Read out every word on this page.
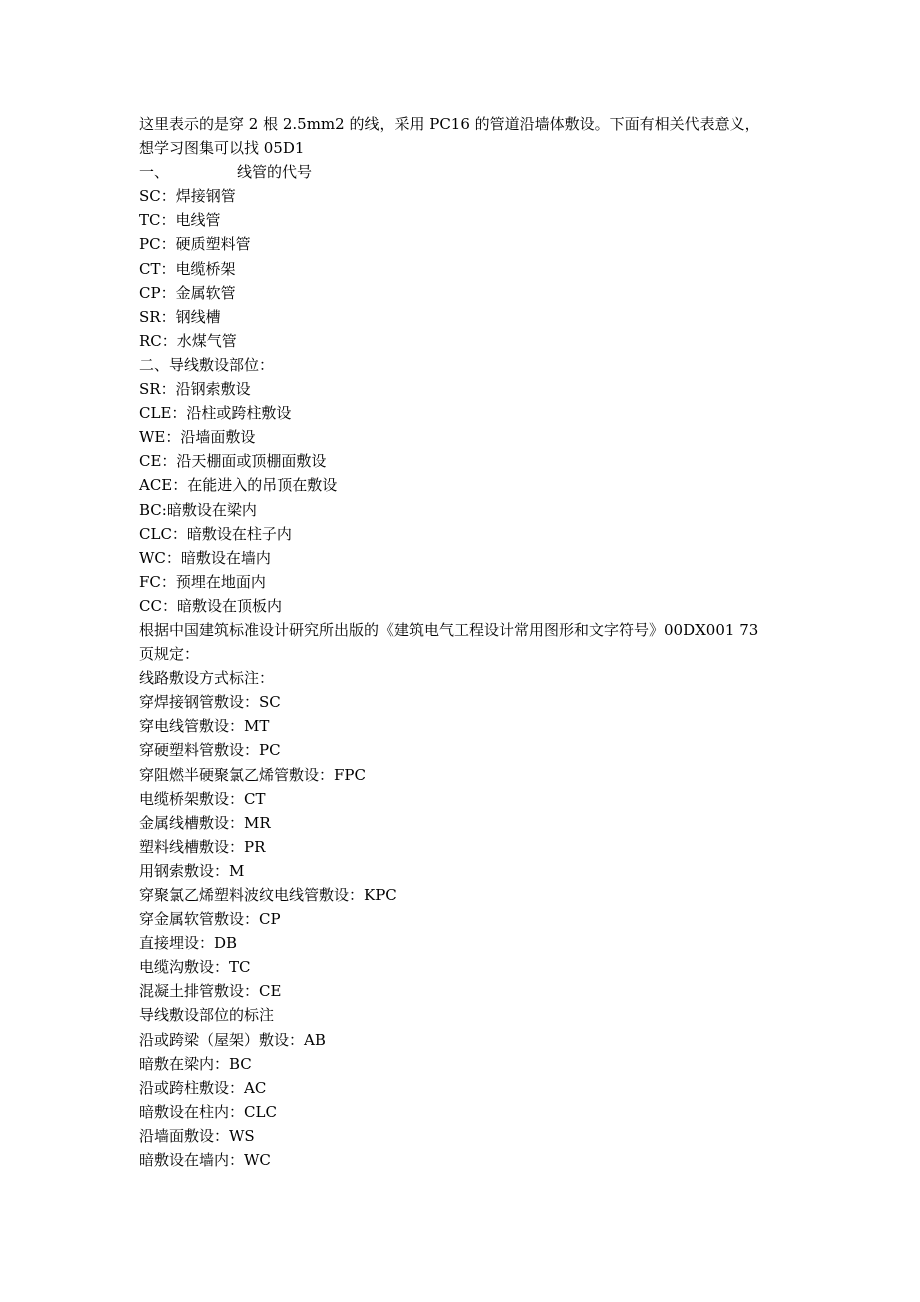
这里表示的是穿 2 根 2.5mm2 的线，采用 PC16 的管道沿墙体敷设。下面有相关代表意义，
想学习图集可以找 05D1
一、	线管的代号
SC：焊接钢管
TC：电线管
PC：硬质塑料管
CT：电缆桥架
CP：金属软管
SR：钢线槽
RC：水煤气管
二、导线敷设部位：
SR：沿钢索敷设
CLE：沿柱或跨柱敷设
WE：沿墙面敷设
CE：沿天棚面或顶棚面敷设
ACE：在能进入的吊顶在敷设
BC:暗敷设在梁内
CLC：暗敷设在柱子内
WC：暗敷设在墙内
FC：预埋在地面内
CC：暗敷设在顶板内
根据中国建筑标准设计研究所出版的《建筑电气工程设计常用图形和文字符号》00DX001 73
页规定：
线路敷设方式标注：
穿焊接钢管敷设：SC
穿电线管敷设：MT
穿硬塑料管敷设：PC
穿阻燃半硬聚氯乙烯管敷设：FPC
电缆桥架敷设：CT
金属线槽敷设：MR
塑料线槽敷设：PR
用钢索敷设：M
穿聚氯乙烯塑料波纹电线管敷设：KPC
穿金属软管敷设：CP
直接埋设：DB
电缆沟敷设：TC
混凝土排管敷设：CE
导线敷设部位的标注
沿或跨梁（屋架）敷设：AB
暗敷在梁内：BC
沿或跨柱敷设：AC
暗敷设在柱内：CLC
沿墙面敷设：WS
暗敷设在墙内：WC
